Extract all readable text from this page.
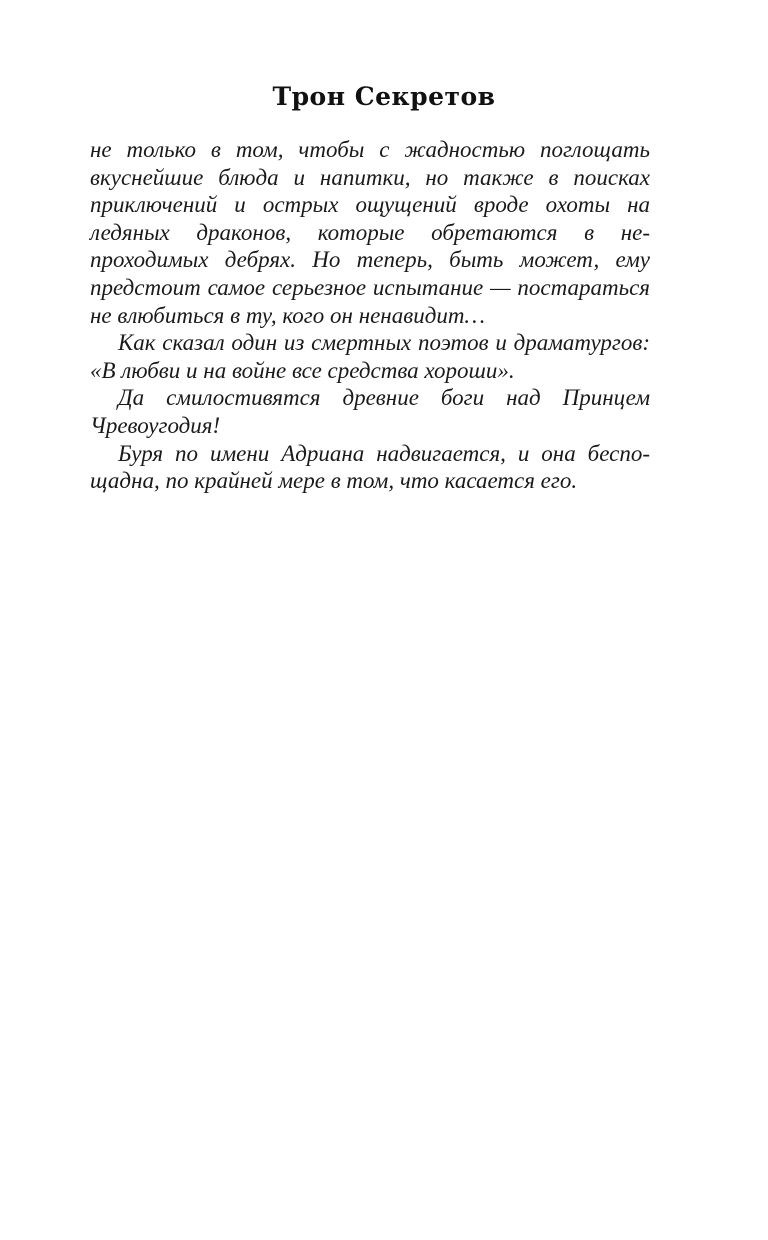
Трон Секретов

не только в том, чтобы с жадностью поглощать вкуснейшие блюда и напитки, но также в поисках приключений и острых ощущений вроде охоты на ледяных драконов, которые обретаются в непроходимых дебрях. Но теперь, быть может, ему предстоит самое серьезное испытание — постараться не влюбиться в ту, кого он ненавидит…

Как сказал один из смертных поэтов и драматургов: «В любви и на войне все средства хороши».

Да смилостивятся древние боги над Принцем Чревоугодия!

Буря по имени Адриана надвигается, и она беспощадна, по крайней мере в том, что касается его.
